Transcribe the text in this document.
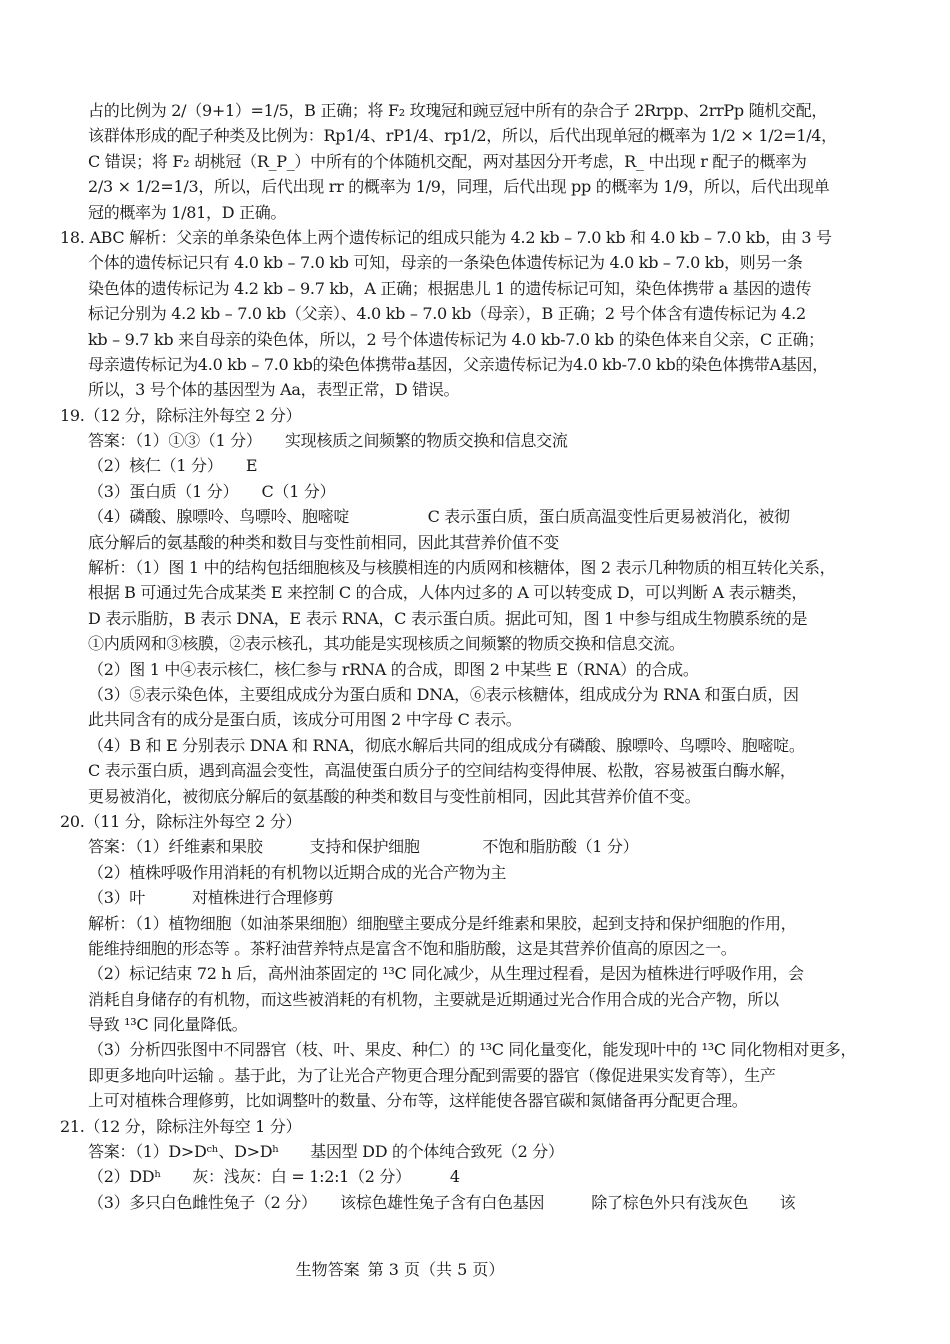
占的比例为 2/（9+1）=1/5，B 正确；将 F₂ 玫瑰冠和豌豆冠中所有的杂合子 2Rrpp、2rrPp 随机交配，
该群体形成的配子种类及比例为：Rp1/4、rP1/4、rp1/2，所以，后代出现单冠的概率为 1/2 × 1/2=1/4，
C 错误；将 F₂ 胡桃冠（R_P_）中所有的个体随机交配，两对基因分开考虑，R_ 中出现 r 配子的概率为
2/3 × 1/2=1/3，所以，后代出现 rr 的概率为 1/9，同理，后代出现 pp 的概率为 1/9，所以，后代出现单
冠的概率为 1/81，D 正确。
18. ABC 解析：父亲的单条染色体上两个遗传标记的组成只能为 4.2 kb – 7.0 kb 和 4.0 kb – 7.0 kb，由 3 号
个体的遗传标记只有 4.0 kb – 7.0 kb 可知，母亲的一条染色体遗传标记为 4.0 kb – 7.0 kb，则另一条
染色体的遗传标记为 4.2 kb – 9.7 kb，A 正确；根据患儿 1 的遗传标记可知，染色体携带 a 基因的遗传
标记分别为 4.2 kb – 7.0 kb（父亲）、4.0 kb – 7.0 kb（母亲），B 正确；2 号个体含有遗传标记为 4.2
kb – 9.7 kb 来自母亲的染色体，所以，2 号个体遗传标记为 4.0 kb-7.0 kb 的染色体来自父亲，C 正确；
母亲遗传标记为4.0 kb – 7.0 kb的染色体携带a基因，父亲遗传标记为4.0 kb-7.0 kb的染色体携带A基因，
所以，3 号个体的基因型为 Aa，表型正常，D 错误。
19.（12 分，除标注外每空 2 分）
答案：（1）①③（1 分）　　实现核质之间频繁的物质交换和信息交流
（2）核仁（1 分）　　E
（3）蛋白质（1 分）　　C（1 分）
（4）磷酸、腺嘌呤、鸟嘌呤、胞嘧啶　　　　　C 表示蛋白质，蛋白质高温变性后更易被消化，被彻
底分解后的氨基酸的种类和数目与变性前相同，因此其营养价值不变
解析：（1）图 1 中的结构包括细胞核及与核膜相连的内质网和核糖体，图 2 表示几种物质的相互转化关系，
根据 B 可通过先合成某类 E 来控制 C 的合成，人体内过多的 A 可以转变成 D，可以判断 A 表示糖类，
D 表示脂肪，B 表示 DNA，E 表示 RNA，C 表示蛋白质。据此可知，图 1 中参与组成生物膜系统的是
①内质网和③核膜，②表示核孔，其功能是实现核质之间频繁的物质交换和信息交流。
（2）图 1 中④表示核仁，核仁参与 rRNA 的合成，即图 2 中某些 E（RNA）的合成。
（3）⑤表示染色体，主要组成成分为蛋白质和 DNA，⑥表示核糖体，组成成分为 RNA 和蛋白质，因
此共同含有的成分是蛋白质，该成分可用图 2 中字母 C 表示。
（4）B 和 E 分别表示 DNA 和 RNA，彻底水解后共同的组成成分有磷酸、腺嘌呤、鸟嘌呤、胞嘧啶。
C 表示蛋白质，遇到高温会变性，高温使蛋白质分子的空间结构变得伸展、松散，容易被蛋白酶水解，
更易被消化，被彻底分解后的氨基酸的种类和数目与变性前相同，因此其营养价值不变。
20.（11 分，除标注外每空 2 分）
答案：（1）纤维素和果胶　　　支持和保护细胞　　　　不饱和脂肪酸（1 分）
（2）植株呼吸作用消耗的有机物以近期合成的光合产物为主
（3）叶　　　对植株进行合理修剪
解析：（1）植物细胞（如油茶果细胞）细胞壁主要成分是纤维素和果胶，起到支持和保护细胞的作用，
能维持细胞的形态等 。茶籽油营养特点是富含不饱和脂肪酸，这是其营养价值高的原因之一。
（2）标记结束 72 h 后，高州油茶固定的 ¹³C 同化减少，从生理过程看，是因为植株进行呼吸作用，会
消耗自身储存的有机物，而这些被消耗的有机物，主要就是近期通过光合作用合成的光合产物，所以
导致 ¹³C 同化量降低。
（3）分析四张图中不同器官（枝、叶、果皮、种仁）的 ¹³C 同化量变化，能发现叶中的 ¹³C 同化物相对更多，
即更多地向叶运输 。基于此，为了让光合产物更合理分配到需要的器官（像促进果实发育等），生产
上可对植株合理修剪，比如调整叶的数量、分布等，这样能使各器官碳和氮储备再分配更合理。
21.（12 分，除标注外每空 1 分）
答案：（1）D>Dᶜʰ、D>Dʰ　　基因型 DD 的个体纯合致死（2 分）
（2）DDʰ　　灰：浅灰：白 = 1:2:1（2 分）　　　4
（3）多只白色雌性兔子（2 分）　　该棕色雄性兔子含有白色基因　　　除了棕色外只有浅灰色　　该
生物答案 第 3 页（共 5 页）
